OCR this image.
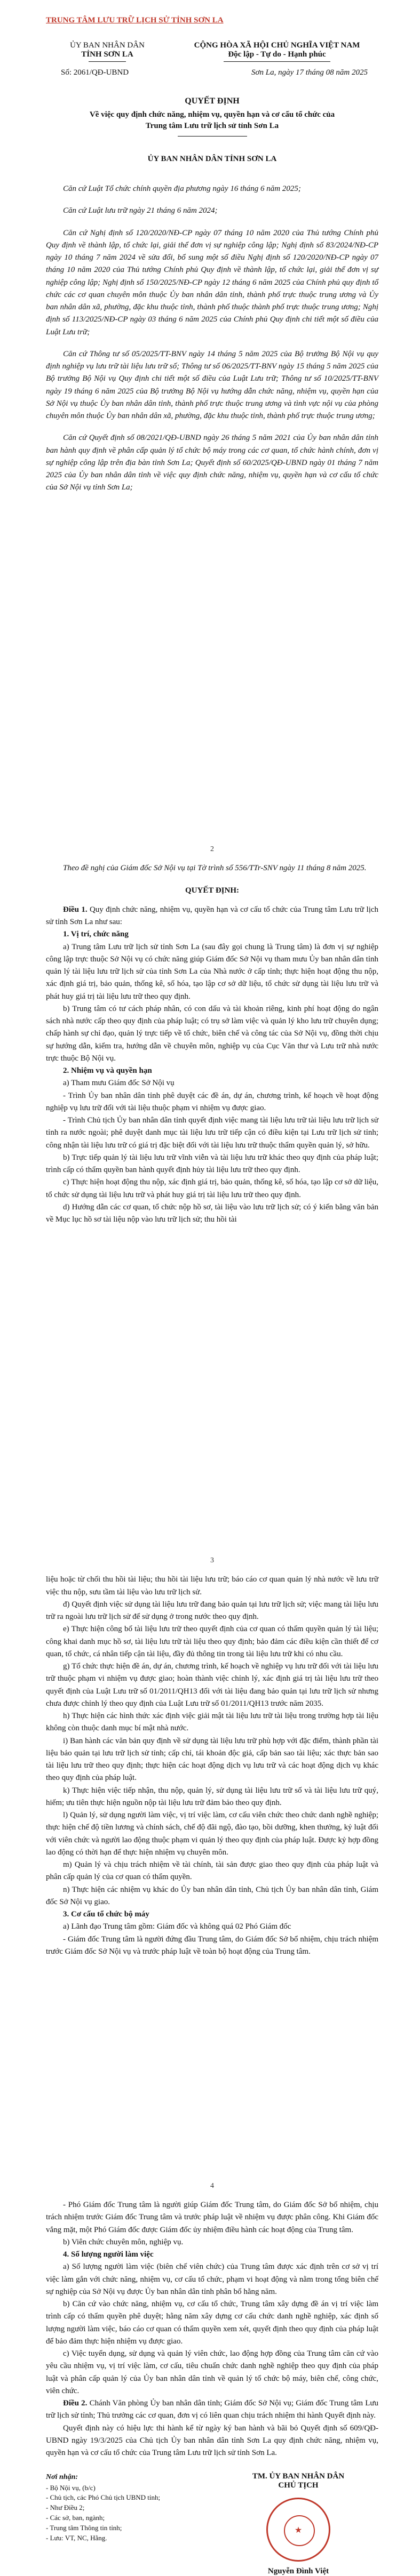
TRUNG TÂM LƯU TRỮ LỊCH SỬ TỈNH SƠN LA
ỦY BAN NHÂN DÂN
TỈNH SƠN LA
CỘNG HÒA XÃ HỘI CHỦ NGHĨA VIỆT NAM
Độc lập - Tự do - Hạnh phúc
Số: 2061/QĐ-UBND	Sơn La, ngày 17 tháng 08 năm 2025
QUYẾT ĐỊNH
Về việc quy định chức năng, nhiệm vụ, quyền hạn và cơ cấu tổ chức của Trung tâm Lưu trữ lịch sử tỉnh Sơn La
ỦY BAN NHÂN DÂN TỈNH SƠN LA

Căn cứ Luật Tổ chức chính quyền địa phương ngày 16 tháng 6 năm 2025;

Căn cứ Luật lưu trữ ngày 21 tháng 6 năm 2024;

Căn cứ Nghị định số 120/2020/NĐ-CP ngày 07 tháng 10 năm 2020 của Thủ tướng Chính phủ Quy định về thành lập, tổ chức lại, giải thể đơn vị sự nghiệp công lập; Nghị định số 83/2024/NĐ-CP ngày 10 tháng 7 năm 2024 về sửa đổi, bổ sung một số điều Nghị định số 120/2020/NĐ-CP ngày 07 tháng 10 năm 2020 của Thủ tướng Chính phủ Quy định về thành lập, tổ chức lại, giải thể đơn vị sự nghiệp công lập; Nghị định số 150/2025/NĐ-CP ngày 12 tháng 6 năm 2025 của Chính phủ quy định tổ chức các cơ quan chuyên môn thuộc Ủy ban nhân dân tỉnh, thành phố trực thuộc trung ương và Ủy ban nhân dân xã, phường, đặc khu thuộc tỉnh, thành phố thuộc thành phố trực thuộc trung ương; Nghị định số 113/2025/NĐ-CP ngày 03 tháng 6 năm 2025 của Chính phủ Quy định chi tiết một số điều của Luật Lưu trữ;

Căn cứ Thông tư số 05/2025/TT-BNV ngày 14 tháng 5 năm 2025 của Bộ trưởng Bộ Nội vụ quy định nghiệp vụ lưu trữ tài liệu lưu trữ số; Thông tư số 06/2025/TT-BNV ngày 15 tháng 5 năm 2025 của Bộ trưởng Bộ Nội vụ Quy định chi tiết một số điều của Luật Lưu trữ; Thông tư số 10/2025/TT-BNV ngày 19 tháng 6 năm 2025 của Bộ trưởng Bộ Nội vụ hướng dẫn chức năng, nhiệm vụ, quyền hạn của Sở Nội vụ thuộc Ủy ban nhân dân tỉnh, thành phố trực thuộc trung ương và tình vực nội vụ của phòng chuyên môn thuộc Ủy ban nhân dân xã, phường, đặc khu thuộc tỉnh, thành phố trực thuộc trung ương;

Căn cứ Quyết định số 08/2021/QĐ-UBND ngày 26 tháng 5 năm 2021 của Ủy ban nhân dân tỉnh ban hành quy định về phân cấp quản lý tổ chức bộ máy trong các cơ quan, tổ chức hành chính, đơn vị sự nghiệp công lập trên địa bàn tỉnh Sơn La; Quyết định số 60/2025/QĐ-UBND ngày 01 tháng 7 năm 2025 của Ủy ban nhân dân tỉnh về việc quy định chức năng, nhiệm vụ, quyền hạn và cơ cấu tổ chức của Sở Nội vụ tỉnh Sơn La;

2

Theo đề nghị của Giám đốc Sở Nội vụ tại Tờ trình số 556/TTr-SNV ngày 11 tháng 8 năm 2025.

QUYẾT ĐỊNH:

Điều 1. Quy định chức năng, nhiệm vụ, quyền hạn và cơ cấu tổ chức của Trung tâm Lưu trữ lịch sử tỉnh Sơn La như sau:

1. Vị trí, chức năng

a) Trung tâm Lưu trữ lịch sử tỉnh Sơn La (sau đây gọi chung là Trung tâm) là đơn vị sự nghiệp công lập trực thuộc Sở Nội vụ có chức năng giúp Giám đốc Sở Nội vụ tham mưu Ủy ban nhân dân tỉnh quản lý tài liệu lưu trữ lịch sử của tỉnh Sơn La của Nhà nước ở cấp tỉnh; thực hiện hoạt động thu nộp, xác định giá trị, bảo quản, thống kê, số hóa, tạo lập cơ sở dữ liệu, tổ chức sử dụng tài liệu lưu trữ và phát huy giá trị tài liệu lưu trữ theo quy định.

b) Trung tâm có tư cách pháp nhân, có con dấu và tài khoản riêng, kinh phí hoạt động do ngân sách nhà nước cấp theo quy định của pháp luật; có trụ sở làm việc và quản lý kho lưu trữ chuyên dụng; chấp hành sự chỉ đạo, quản lý trực tiếp về tổ chức, biên chế và công tác của Sở Nội vụ, đồng thời chịu sự hướng dẫn, kiểm tra, hướng dẫn về chuyên môn, nghiệp vụ của Cục Văn thư và Lưu trữ nhà nước trực thuộc Bộ Nội vụ.

2. Nhiệm vụ và quyền hạn

a) Tham mưu Giám đốc Sở Nội vụ

- Trình Ủy ban nhân dân tỉnh phê duyệt các đề án, dự án, chương trình, kế hoạch về hoạt động nghiệp vụ lưu trữ đối với tài liệu thuộc phạm vi nhiệm vụ được giao.

- Trình Chủ tịch Ủy ban nhân dân tỉnh quyết định việc mang tài liệu lưu trữ tài liệu lưu trữ lịch sử tỉnh ra nước ngoài; phê duyệt danh mục tài liệu lưu trữ tiếp cận có điều kiện tại Lưu trữ lịch sử tỉnh; công nhận tài liệu lưu trữ có giá trị đặc biệt đối với tài liệu lưu trữ thuộc thẩm quyền quản lý, sở hữu.

b) Trực tiếp quản lý tài liệu lưu trữ vĩnh viễn và tài liệu lưu trữ khác theo quy định của pháp luật; trình cấp có thẩm quyền ban hành quyết định hủy tài liệu lưu trữ theo quy định.

c) Thực hiện hoạt động thu nộp, xác định giá trị, bảo quản, thống kê, số hóa, tạo lập cơ sở dữ liệu, tổ chức sử dụng tài liệu lưu trữ và phát huy giá trị tài liệu lưu trữ theo quy định.

d) Hướng dẫn các cơ quan, tổ chức nộp hồ sơ, tài liệu vào lưu trữ lịch sử; có ý kiến bằng văn bản về Mục lục hồ sơ tài liệu nộp vào lưu trữ lịch sử; thu hồi tài

3

liệu hoặc từ chối thu hồi tài liệu; thu hồi tài liệu lưu trữ; báo cáo cơ quan quản lý nhà nước về lưu trữ việc thu nộp, sưu tầm tài liệu vào lưu trữ lịch sử.

đ) Quyết định việc sử dụng tài liệu lưu trữ đang bảo quản tại lưu trữ lịch sử; việc mang tài liệu lưu trữ ra ngoài lưu trữ lịch sử để sử dụng ở trong nước theo quy định.

e) Thực hiện công bố tài liệu lưu trữ theo quyết định của cơ quan có thẩm quyền quản lý tài liệu; công khai danh mục hồ sơ, tài liệu lưu trữ tài liệu theo quy định; bảo đảm các điều kiện cần thiết để cơ quan, tổ chức, cá nhân tiếp cận tài liệu, đầy đủ thông tin trong tài liệu lưu trữ khi có nhu cầu.

g) Tổ chức thực hiện đề án, dự án, chương trình, kế hoạch về nghiệp vụ lưu trữ đối với tài liệu lưu trữ thuộc phạm vi nhiệm vụ được giao; hoàn thành việc chỉnh lý, xác định giá trị tài liệu lưu trữ theo quyết định của Luật Lưu trữ số 01/2011/QH13 đối với tài liệu đang bảo quản tại lưu trữ lịch sử nhưng chưa được chỉnh lý theo quy định của Luật Lưu trữ số 01/2011/QH13 trước năm 2035.

h) Thực hiện các hình thức xác định việc giải mật tài liệu lưu trữ tài liệu trong trường hợp tài liệu không còn thuộc danh mục bí mật nhà nước.

i) Ban hành các văn bản quy định về sử dụng tài liệu lưu trữ phù hợp với đặc điểm, thành phần tài liệu bảo quản tại lưu trữ lịch sử tỉnh; cấp chỉ, tái khoản độc giả, cấp bản sao tài liệu; xác thực bản sao tài liệu lưu trữ theo quy định; thực hiện các hoạt động dịch vụ lưu trữ và các hoạt động dịch vụ khác theo quy định của pháp luật.

k) Thực hiện việc tiếp nhận, thu nộp, quản lý, sử dụng tài liệu lưu trữ số và tài liệu lưu trữ quý, hiếm; ưu tiên thực hiện nguồn nộp tài liệu lưu trữ đảm bảo theo quy định.

l) Quản lý, sử dụng người làm việc, vị trí việc làm, cơ cấu viên chức theo chức danh nghề nghiệp; thực hiện chế độ tiền lương và chính sách, chế độ đãi ngộ, đào tạo, bồi dưỡng, khen thưởng, kỷ luật đối với viên chức và người lao động thuộc phạm vi quản lý theo quy định của pháp luật. Được kỷ hợp đồng lao động có thời hạn để thực hiện nhiệm vụ chuyên môn.

m) Quản lý và chịu trách nhiệm về tài chính, tài sản được giao theo quy định của pháp luật và phân cấp quản lý của cơ quan có thẩm quyền.

n) Thực hiện các nhiệm vụ khác do Ủy ban nhân dân tỉnh, Chủ tịch Ủy ban nhân dân tỉnh, Giám đốc Sở Nội vụ giao.

3. Cơ cấu tổ chức bộ máy

a) Lãnh đạo Trung tâm gồm: Giám đốc và không quá 02 Phó Giám đốc

- Giám đốc Trung tâm là người đứng đầu Trung tâm, do Giám đốc Sở bổ nhiệm, chịu trách nhiệm trước Giám đốc Sở Nội vụ và trước pháp luật về toàn bộ hoạt động của Trung tâm.

4

- Phó Giám đốc Trung tâm là người giúp Giám đốc Trung tâm, do Giám đốc Sở bổ nhiệm, chịu trách nhiệm trước Giám đốc Trung tâm và trước pháp luật về nhiệm vụ được phân công. Khi Giám đốc vắng mặt, một Phó Giám đốc được Giám đốc ủy nhiệm điều hành các hoạt động của Trung tâm.

b) Viên chức chuyên môn, nghiệp vụ.

4. Số lượng người làm việc

a) Số lượng người làm việc (biên chế viên chức) của Trung tâm được xác định trên cơ sở vị trí việc làm gắn với chức năng, nhiệm vụ, cơ cấu tổ chức, phạm vi hoạt động và nằm trong tổng biên chế sự nghiệp của Sở Nội vụ được Ủy ban nhân dân tỉnh phân bổ hằng năm.

b) Căn cứ vào chức năng, nhiệm vụ, cơ cấu tổ chức, Trung tâm xây dựng đề án vị trí việc làm trình cấp có thẩm quyền phê duyệt; hằng năm xây dựng cơ cấu chức danh nghề nghiệp, xác định số lượng người làm việc, báo cáo cơ quan có thẩm quyền xem xét, quyết định theo quy định của pháp luật để bảo đảm thực hiện nhiệm vụ được giao.

c) Việc tuyển dụng, sử dụng và quản lý viên chức, lao động hợp đồng của Trung tâm căn cứ vào yêu cầu nhiệm vụ, vị trí việc làm, cơ cấu, tiêu chuẩn chức danh nghề nghiệp theo quy định của pháp luật và phân cấp quản lý của Ủy ban nhân dân tỉnh về quản lý tổ chức bộ máy, biên chế, công chức, viên chức.

Điều 2. Chánh Văn phòng Ủy ban nhân dân tỉnh; Giám đốc Sở Nội vụ; Giám đốc Trung tâm Lưu trữ lịch sử tỉnh; Thủ trưởng các cơ quan, đơn vị có liên quan chịu trách nhiệm thi hành Quyết định này.

Quyết định này có hiệu lực thi hành kể từ ngày ký ban hành và bãi bỏ Quyết định số 609/QĐ-UBND ngày 19/3/2025 của Chủ tịch Ủy ban nhân dân tỉnh Sơn La quy định chức năng, nhiệm vụ, quyền hạn và cơ cấu tổ chức của Trung tâm Lưu trữ lịch sử tỉnh Sơn La.

Nơi nhận:
- Bộ Nội vụ, (b/c)
- Chủ tịch, các Phó Chủ tịch UBND tỉnh;
- Như Điều 2;
- Các sở, ban, ngành;
- Trung tâm Thông tin tỉnh;
- Lưu: VT, NC, Hằng.
TM. ỦY BAN NHÂN DÂN
CHỦ TỊCH
★
Nguyễn Đình Việt
